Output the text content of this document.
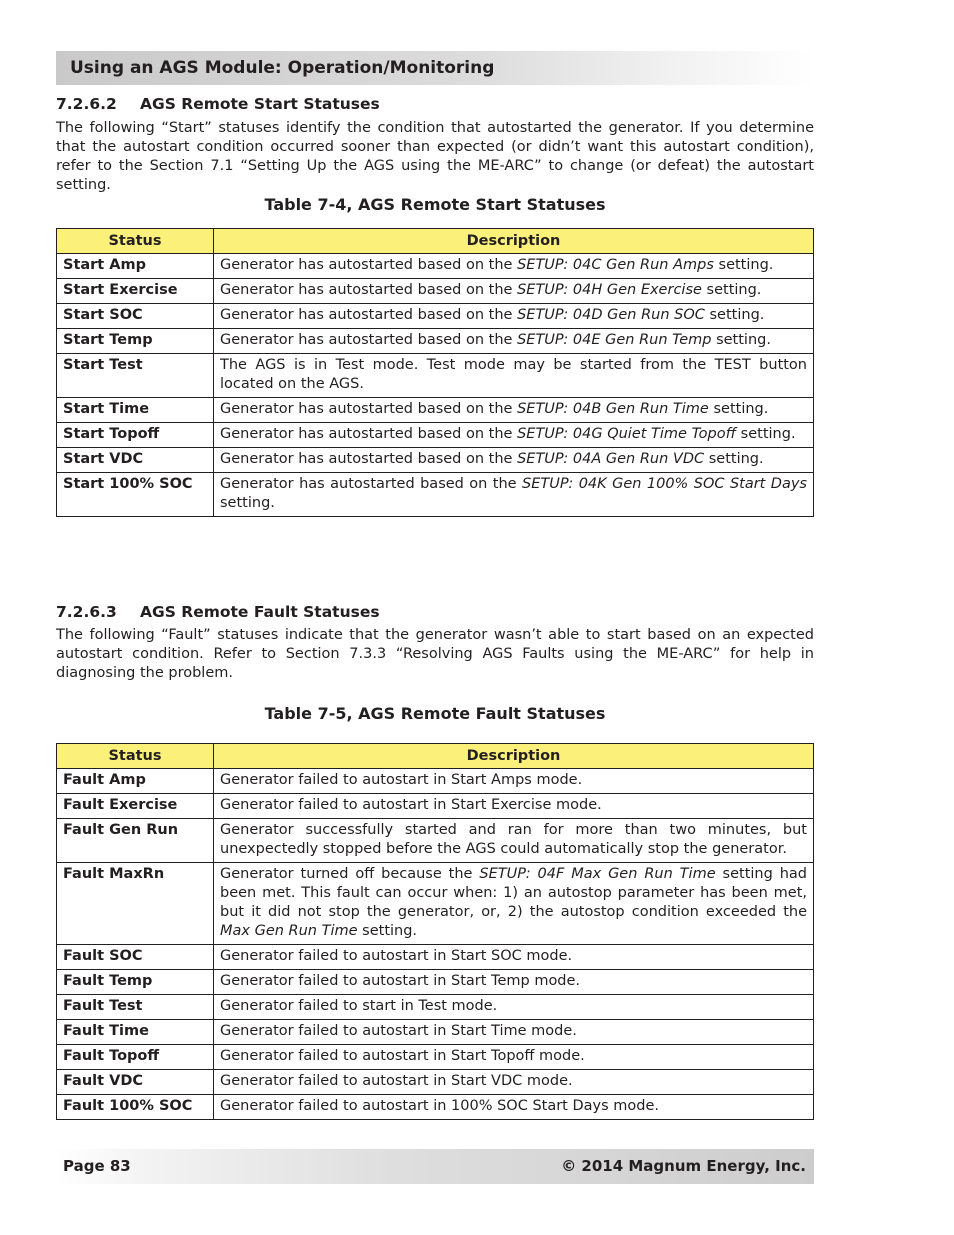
Using an AGS Module: Operation/Monitoring
7.2.6.2 AGS Remote Start Statuses

The following “Start” statuses identify the condition that autostarted the generator. If you determine that the autostart condition occurred sooner than expected (or didn’t want this autostart condition), refer to the Section 7.1 “Setting Up the AGS using the ME-ARC” to change (or defeat) the autostart setting.

Table 7-4, AGS Remote Start Statuses

Status	Description
Start Amp	Generator has autostarted based on the SETUP: 04C Gen Run Amps setting.
Start Exercise	Generator has autostarted based on the SETUP: 04H Gen Exercise setting.
Start SOC	Generator has autostarted based on the SETUP: 04D Gen Run SOC setting.
Start Temp	Generator has autostarted based on the SETUP: 04E Gen Run Temp setting.
Start Test	The AGS is in Test mode. Test mode may be started from the TEST button located on the AGS.
Start Time	Generator has autostarted based on the SETUP: 04B Gen Run Time setting.
Start Topoff	Generator has autostarted based on the SETUP: 04G Quiet Time Topoff setting.
Start VDC	Generator has autostarted based on the SETUP: 04A Gen Run VDC setting.
Start 100% SOC	Generator has autostarted based on the SETUP: 04K Gen 100% SOC Start Days setting.
7.2.6.3 AGS Remote Fault Statuses

The following “Fault” statuses indicate that the generator wasn’t able to start based on an expected autostart condition. Refer to Section 7.3.3 “Resolving AGS Faults using the ME-ARC” for help in diagnosing the problem.

Table 7-5, AGS Remote Fault Statuses

Status	Description
Fault Amp	Generator failed to autostart in Start Amps mode.
Fault Exercise	Generator failed to autostart in Start Exercise mode.
Fault Gen Run	Generator successfully started and ran for more than two minutes, but unexpectedly stopped before the AGS could automatically stop the generator.
Fault MaxRn	Generator turned off because the SETUP: 04F Max Gen Run Time setting had been met. This fault can occur when: 1) an autostop parameter has been met, but it did not stop the generator, or, 2) the autostop condition exceeded the Max Gen Run Time setting.
Fault SOC	Generator failed to autostart in Start SOC mode.
Fault Temp	Generator failed to autostart in Start Temp mode.
Fault Test	Generator failed to start in Test mode.
Fault Time	Generator failed to autostart in Start Time mode.
Fault Topoff	Generator failed to autostart in Start Topoff mode.
Fault VDC	Generator failed to autostart in Start VDC mode.
Fault 100% SOC	Generator failed to autostart in 100% SOC Start Days mode.
Page 83	© 2014 Magnum Energy, Inc.
